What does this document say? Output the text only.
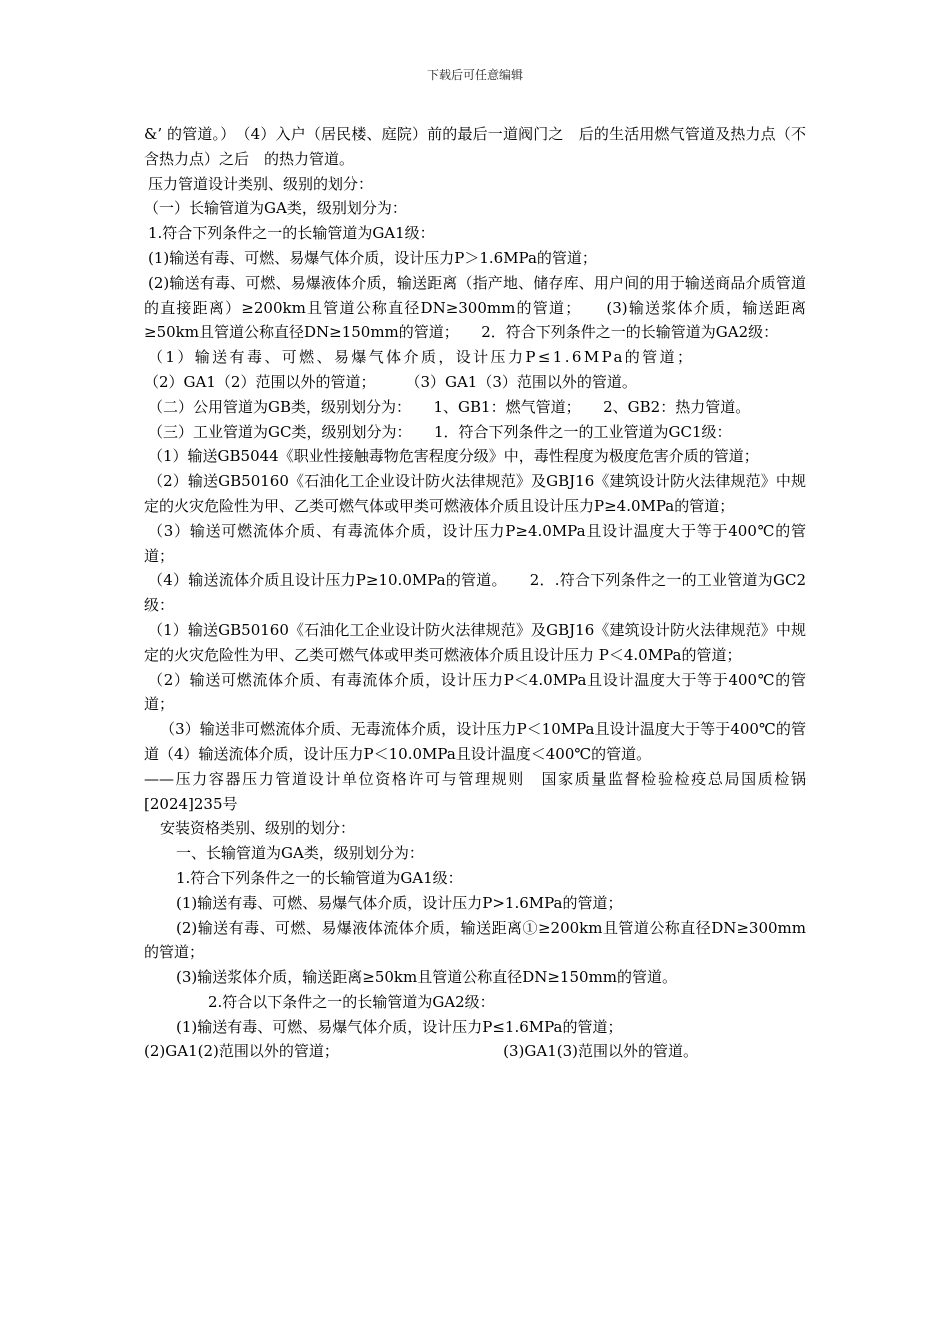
下载后可任意编辑

&’ 的管道。）　（4）入户（居民楼、庭院）前的最后一道阀门之　后的生活用燃气管道及热力点（不含热力点）之后　的热力管道。

压力管道设计类别、级别的划分：

（一）长输管道为GA类，级别划分为：

1.符合下列条件之一的长输管道为GA1级：

(1)输送有毒、可燃、易爆气体介质，设计压力P＞1.6MPa的管道；

(2)输送有毒、可燃、易爆液体介质，输送距离（指产地、储存库、用户间的用于输送商品介质管道的直接距离）≥200km且管道公称直径DN≥300mm的管道；　　(3)输送浆体介质，输送距离≥50km且管道公称直径DN≥150mm的管道；　　2．符合下列条件之一的长输管道为GA2级：

（1）输送有毒、可燃、易爆气体介质，设计压力P≤1.6MPa的管道；

（2）GA1（2）范围以外的管道；　　　（3）GA1（3）范围以外的管道。

（二）公用管道为GB类，级别划分为：　　1、GB1：燃气管道；　　2、GB2：热力管道。

（三）工业管道为GC类，级别划分为：　　1．符合下列条件之一的工业管道为GC1级：

（1）输送GB5044《职业性接触毒物危害程度分级》中，毒性程度为极度危害介质的管道；

（2）输送GB50160《石油化工企业设计防火法律规范》及GBJ16《建筑设计防火法律规范》中规定的火灾危险性为甲、乙类可燃气体或甲类可燃液体介质且设计压力P≥4.0MPa的管道；

（3）输送可燃流体介质、有毒流体介质，设计压力P≥4.0MPa且设计温度大于等于400℃的管道；

（4）输送流体介质且设计压力P≥10.0MPa的管道。　　2．.符合下列条件之一的工业管道为GC2级：

（1）输送GB50160《石油化工企业设计防火法律规范》及GBJ16《建筑设计防火法律规范》中规定的火灾危险性为甲、乙类可燃气体或甲类可燃液体介质且设计压力 P＜4.0MPa的管道；

（2）输送可燃流体介质、有毒流体介质，设计压力P＜4.0MPa且设计温度大于等于400℃的管道；

（3）输送非可燃流体介质、无毒流体介质，设计压力P＜10MPa且设计温度大于等于400℃的管道（4）输送流体介质，设计压力P＜10.0MPa且设计温度＜400℃的管道。

——压力容器压力管道设计单位资格许可与管理规则　国家质量监督检验检疫总局国质检锅[2024]235号

安装资格类别、级别的划分：

一、长输管道为GA类，级别划分为：

1.符合下列条件之一的长输管道为GA1级：

(1)输送有毒、可燃、易爆气体介质，设计压力P>1.6MPa的管道；

(2)输送有毒、可燃、易爆液体流体介质，输送距离①≥200km且管道公称直径DN≥300mm的管道；

(3)输送浆体介质，输送距离≥50km且管道公称直径DN≥150mm的管道。

2.符合以下条件之一的长输管道为GA2级：

(1)输送有毒、可燃、易爆气体介质，设计压力P≤1.6MPa的管道；

(2)GA1(2)范围以外的管道；	(3)GA1(3)范围以外的管道。
